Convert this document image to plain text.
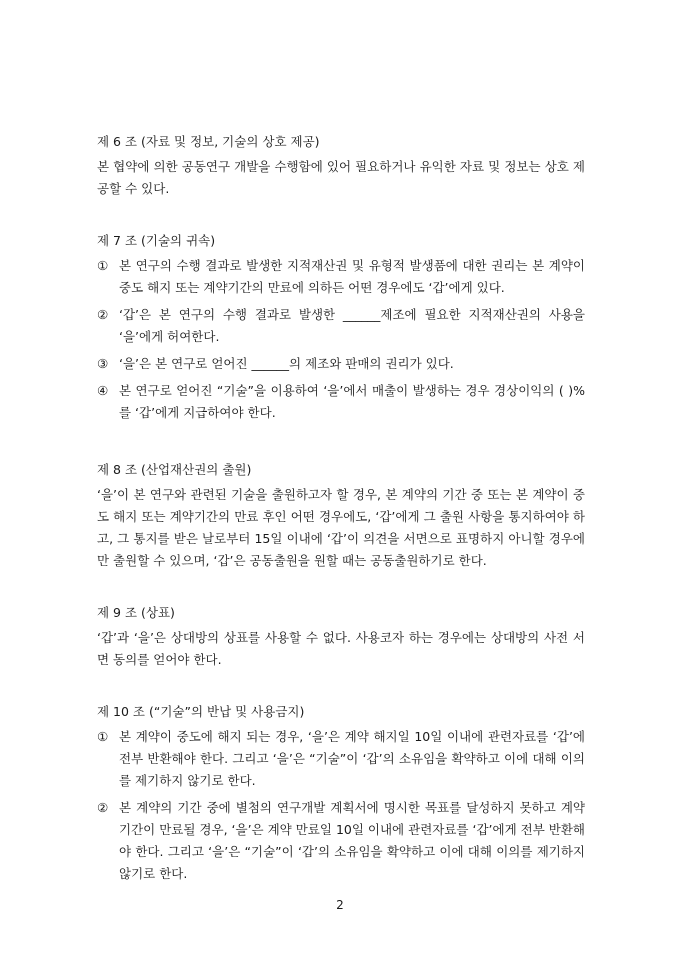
제 6 조 (자료 및 정보, 기술의 상호 제공)

본 협약에 의한 공동연구 개발을 수행함에 있어 필요하거나 유익한 자료 및 정보는 상호 제공할 수 있다.

제 7 조 (기술의 귀속)
① 본 연구의 수행 결과로 발생한 지적재산권 및 유형적 발생품에 대한 권리는 본 계약이 중도 해지 또는 계약기간의 만료에 의하든 어떤 경우에도 ‘갑’에게 있다.
② ‘갑’은 본 연구의 수행 결과로 발생한 ______제조에 필요한 지적재산권의 사용을 ‘을’에게 허여한다.
③ ‘을’은 본 연구로 얻어진 ______의 제조와 판매의 권리가 있다.
④ 본 연구로 얻어진 “기술”을 이용하여 ‘을’에서 매출이 발생하는 경우 경상이익의 ( )%를 ‘갑’에게 지급하여야 한다.
제 8 조 (산업재산권의 출원)

‘을’이 본 연구와 관련된 기술을 출원하고자 할 경우, 본 계약의 기간 중 또는 본 계약이 중도 해지 또는 계약기간의 만료 후인 어떤 경우에도, ‘갑’에게 그 출원 사항을 통지하여야 하고, 그 통지를 받은 날로부터 15일 이내에 ‘갑’이 의견을 서면으로 표명하지 아니할 경우에만 출원할 수 있으며, ‘갑’은 공동출원을 원할 때는 공동출원하기로 한다.

제 9 조 (상표)

‘갑’과 ‘을’은 상대방의 상표를 사용할 수 없다. 사용코자 하는 경우에는 상대방의 사전 서면 동의를 얻어야 한다.

제 10 조 (“기술”의 반납 및 사용금지)
① 본 계약이 중도에 해지 되는 경우, ‘을’은 계약 해지일 10일 이내에 관련자료를 ‘갑’에 전부 반환해야 한다. 그리고 ‘을’은 “기술”이 ‘갑’의 소유임을 확약하고 이에 대해 이의를 제기하지 않기로 한다.
② 본 계약의 기간 중에 별첨의 연구개발 계획서에 명시한 목표를 달성하지 못하고 계약기간이 만료될 경우, ‘을’은 계약 만료일 10일 이내에 관련자료를 ‘갑’에게 전부 반환해야 한다. 그리고 ‘을’은 “기술”이 ‘갑’의 소유임을 확약하고 이에 대해 이의를 제기하지 않기로 한다.
2
